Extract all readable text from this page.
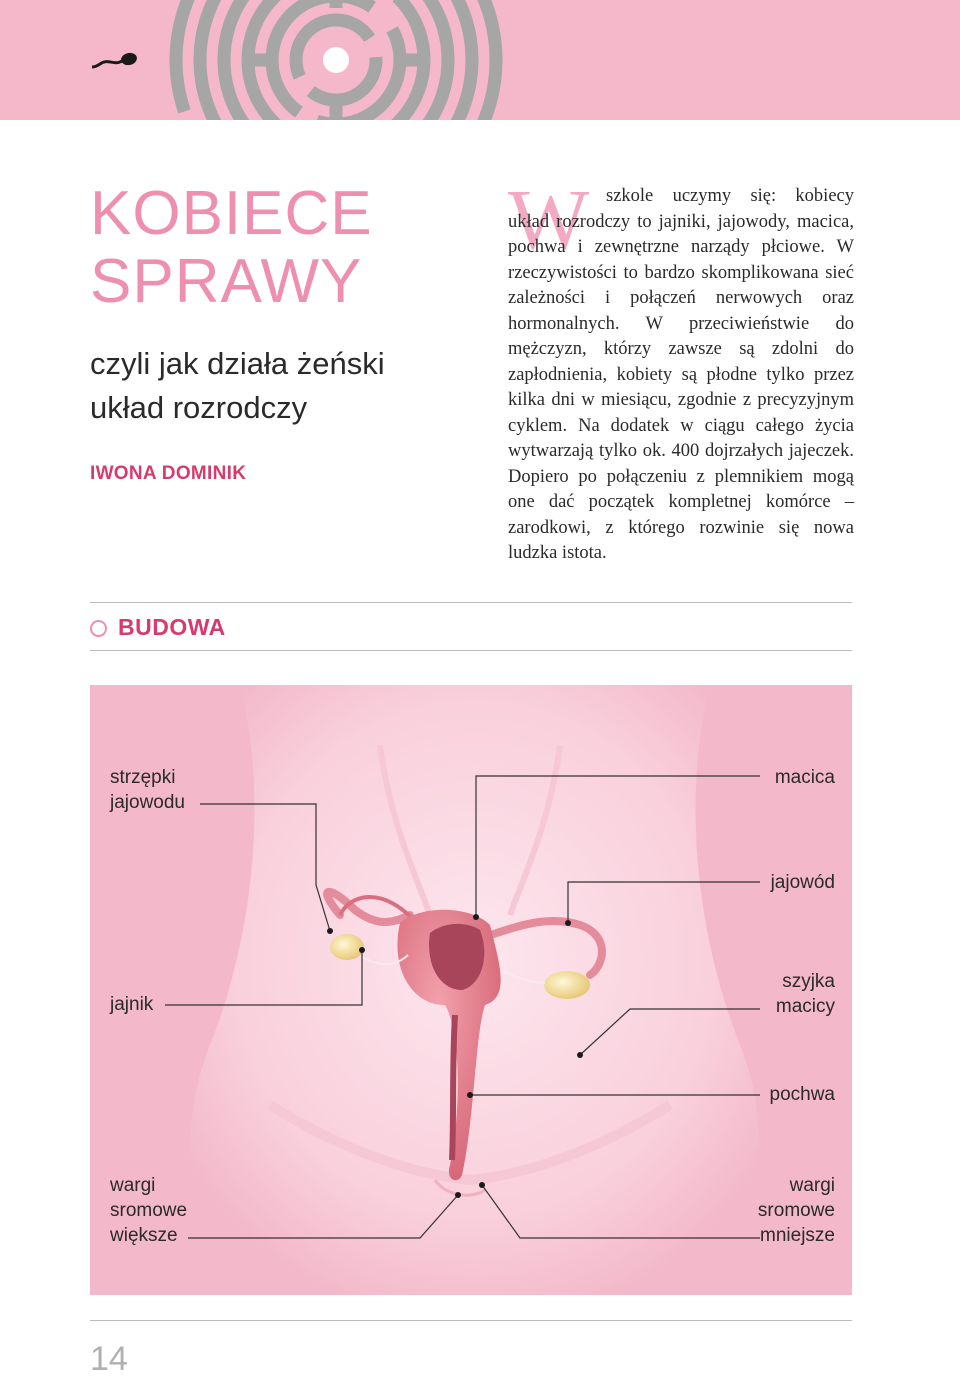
KOBIECE SPRAWY
czyli jak działa żeński układ rozrodczy
IWONA DOMINIK
W szkole uczymy się: kobiecy układ rozrodczy to jajniki, jajowody, macica, pochwa i zewnętrzne narządy płciowe. W rzeczywistości to bardzo skomplikowana sieć zależności i połączeń nerwowych oraz hormonalnych. W przeciwieństwie do mężczyzn, którzy zawsze są zdolni do zapłodnienia, kobiety są płodne tylko przez kilka dni w miesiącu, zgodnie z precyzyjnym cyklem. Na dodatek w ciągu całego życia wytwarzają tylko ok. 400 dojrzałych jajeczek. Dopiero po połączeniu z plemnikiem mogą one dać początek kompletnej komórce – zarodkowi, z którego rozwinie się nowa ludzka istota.

BUDOWA
strzępki
jajowodu
jajnik
wargi
sromowe
większe
macica
jajowód
szyjka
macicy
pochwa
wargi
sromowe
mniejsze
14
